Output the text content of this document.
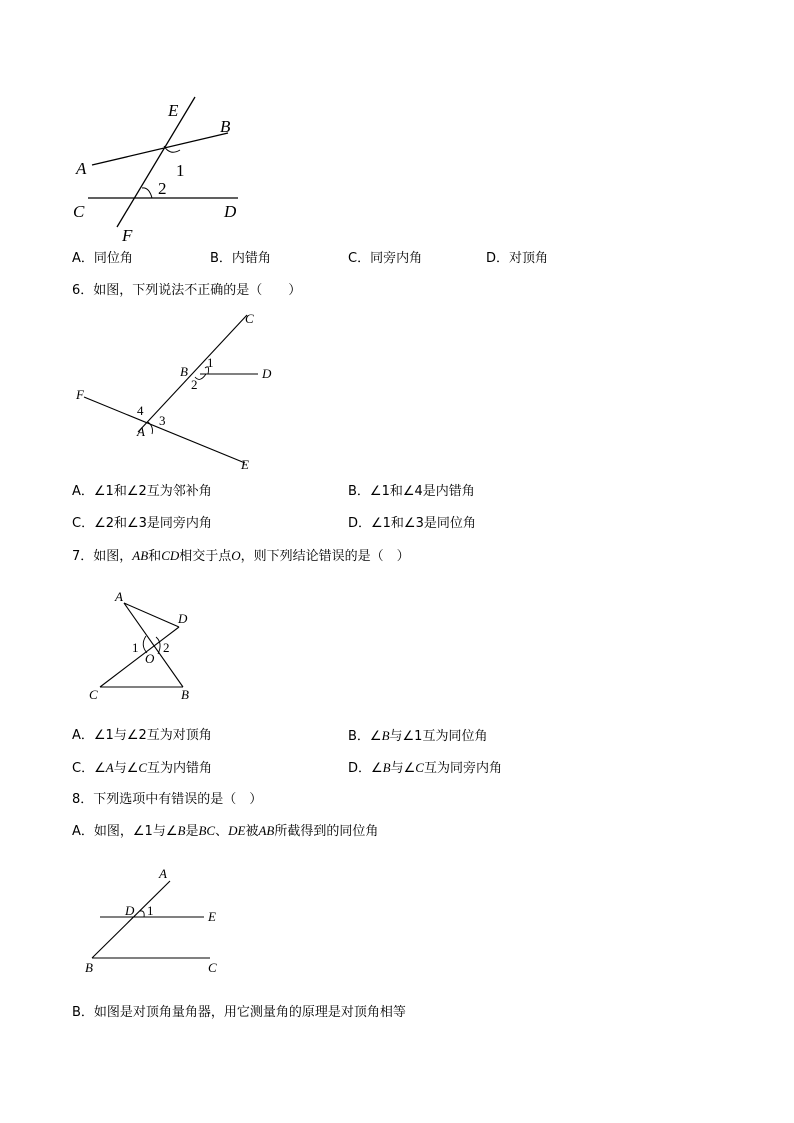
E
B
A	1
2
C	D
F
A．同位角	B．内错角	C．同旁内角	D．对顶角
6．如图，下列说法不正确的是（　　）
C
1
B	D
2
F
4
3
A
E
A．∠1和∠2互为邻补角	B．∠1和∠4是内错角
C．∠2和∠3是同旁内角	D．∠1和∠3是同位角
7．如图，AB和CD相交于点O，则下列结论错误的是（　）
A
D
1 2
O
C	B
A．∠1与∠2互为对顶角	B．∠B与∠1互为同位角
C．∠A与∠C互为内错角	D．∠B与∠C互为同旁内角
8．下列选项中有错误的是（　）
A．如图，∠1与∠B是BC、DE被AB所截得到的同位角
A
D 1	E
B	C
B．如图是对顶角量角器，用它测量角的原理是对顶角相等
